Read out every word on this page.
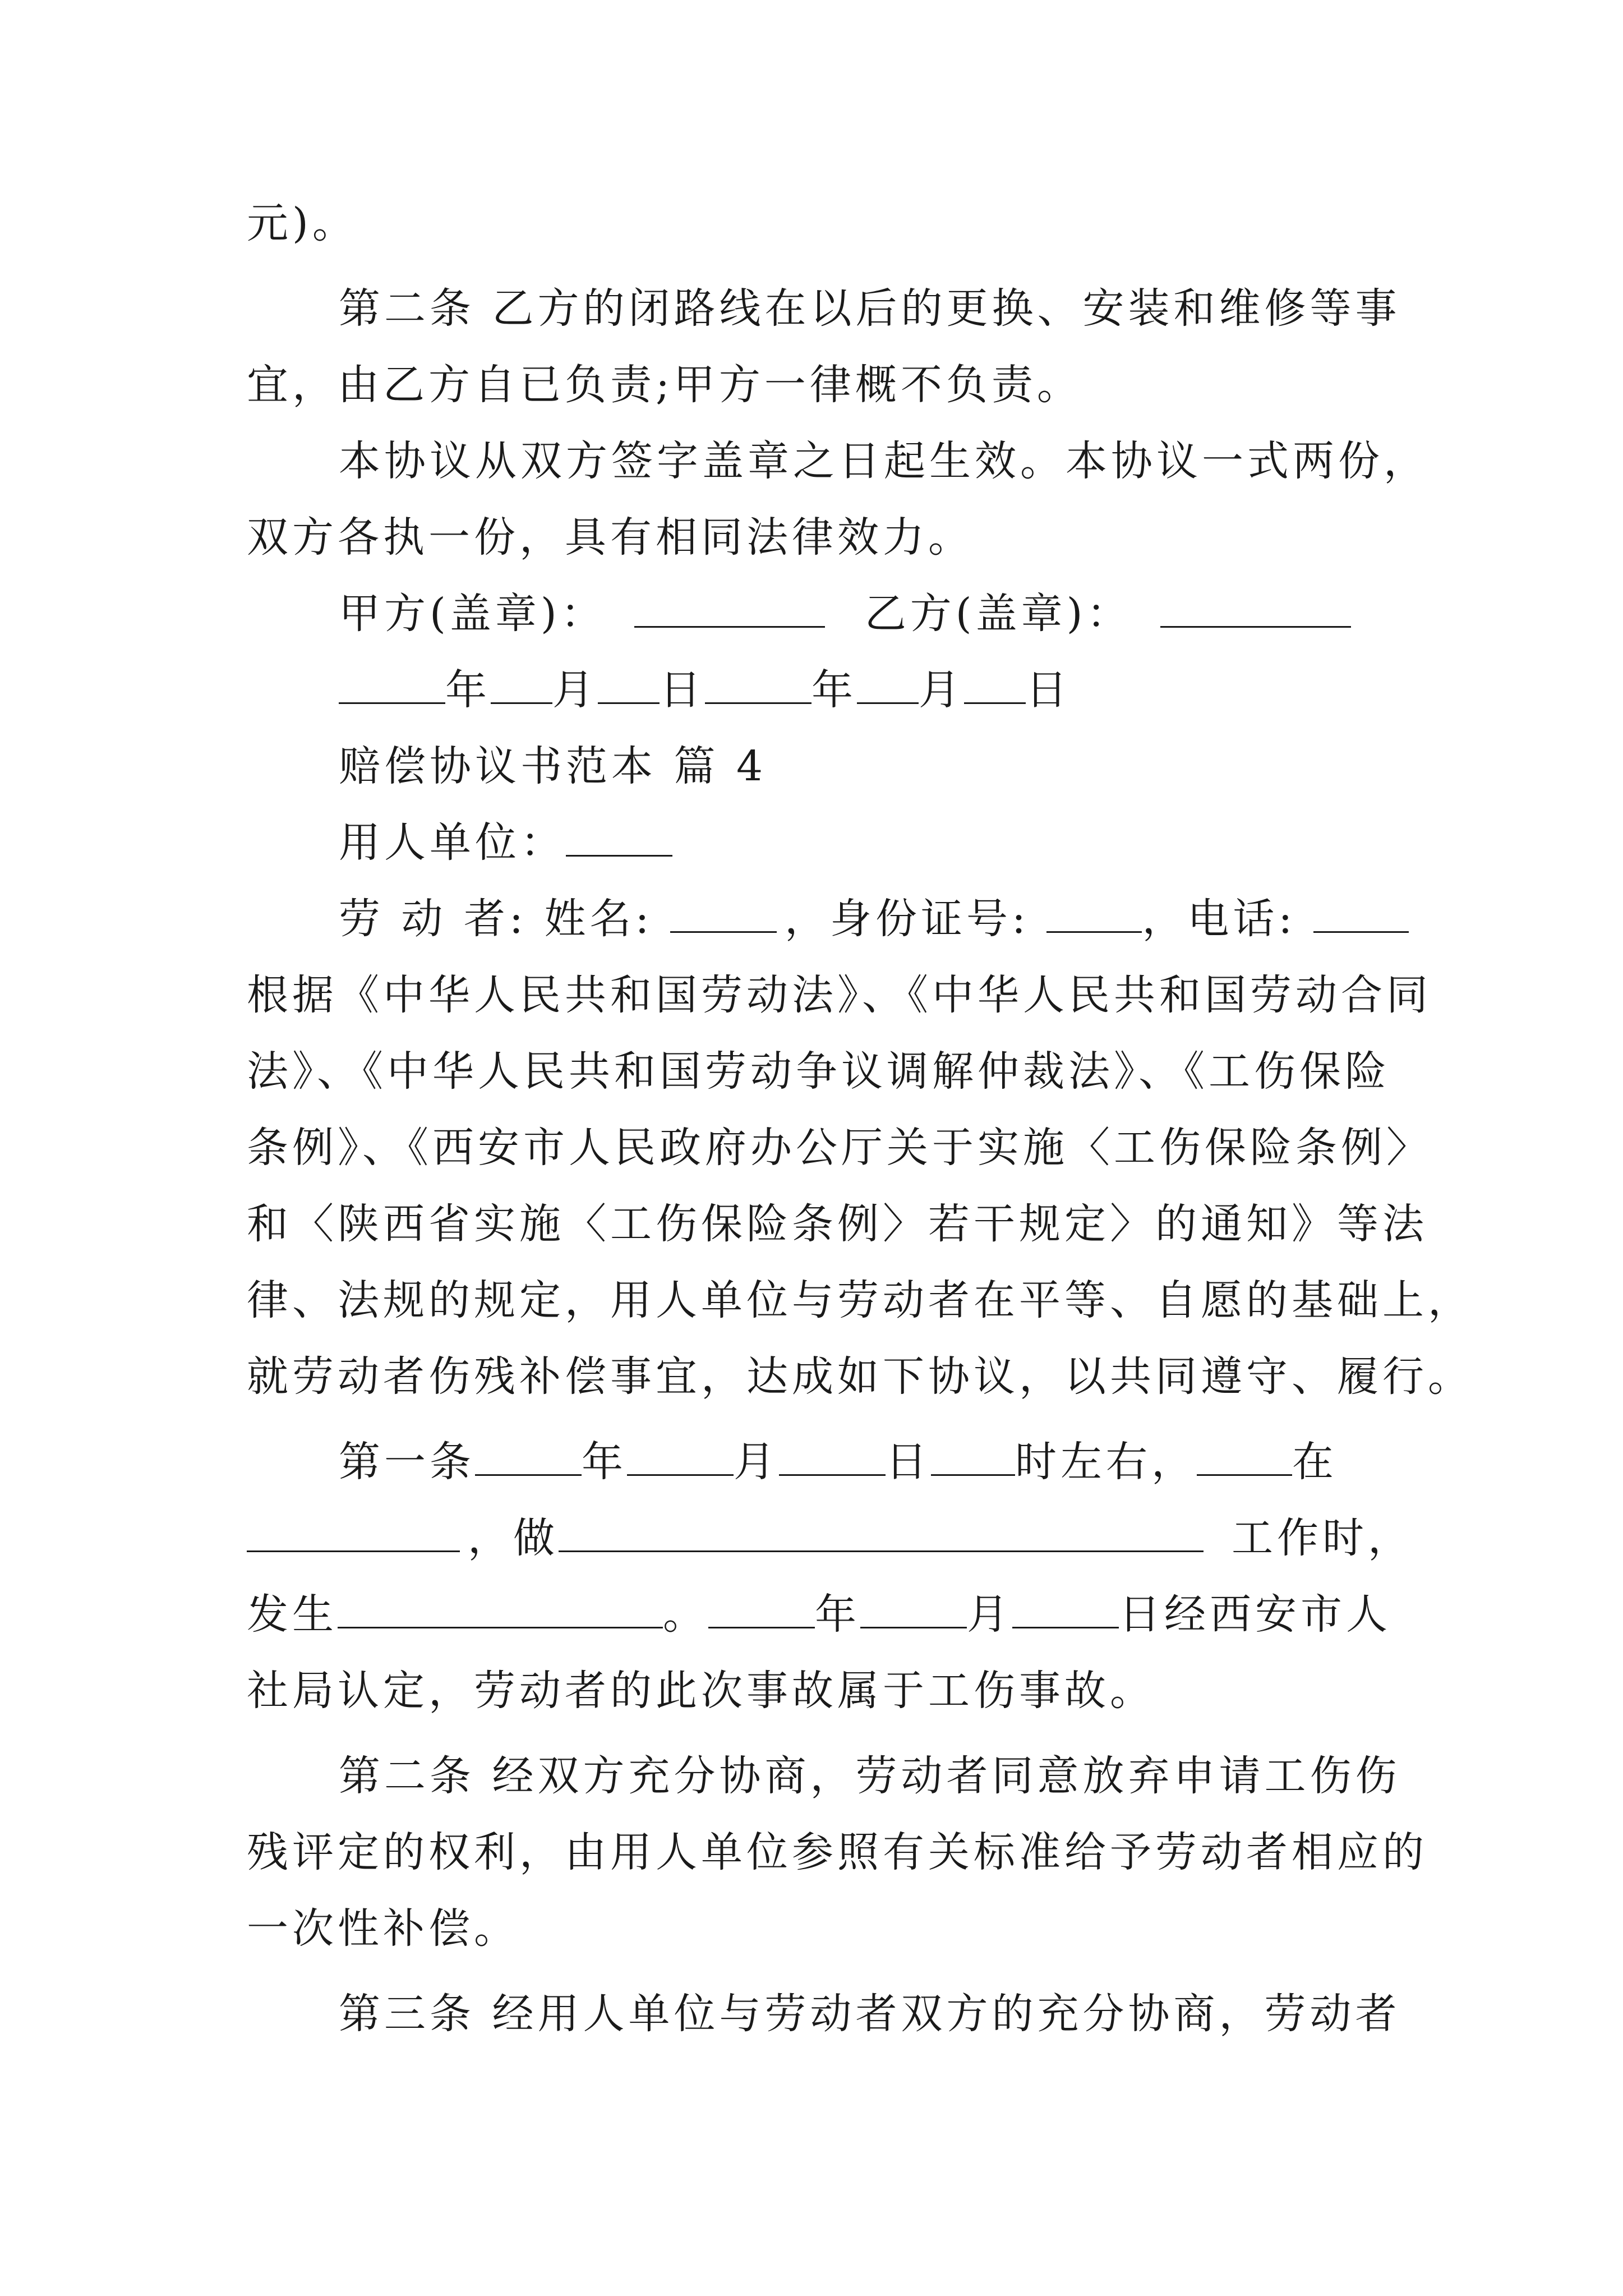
元)。
第二条 乙方的闭路线在以后的更换、安装和维修等事
宜，由乙方自已负责;甲方一律概不负责。
本协议从双方签字盖章之日起生效。本协议一式两份，
双方各执一份，具有相同法律效力。
甲方(盖章)：	乙方(盖章)：
年 月 日	年 月 日
赔偿协议书范本 篇 4
用人单位：
劳 动 者: 姓名:	，身份证号:	，电话:
根据《中华人民共和国劳动法》、《中华人民共和国劳动合同
法》、《中华人民共和国劳动争议调解仲裁法》、《工伤保险
条例》、《西安市人民政府办公厅关于实施〈工伤保险条例〉
和〈陕西省实施〈工伤保险条例〉若干规定〉的通知》等法
律、法规的规定，用人单位与劳动者在平等、自愿的基础上，
就劳动者伤残补偿事宜，达成如下协议，以共同遵守、履行。
第一条	年	月	日 时左右， 在
，做	工作时，
发生	。	年	月	日经西安市人
社局认定，劳动者的此次事故属于工伤事故。
第二条 经双方充分协商，劳动者同意放弃申请工伤伤
残评定的权利，由用人单位参照有关标准给予劳动者相应的
一次性补偿。
第三条 经用人单位与劳动者双方的充分协商，劳动者
